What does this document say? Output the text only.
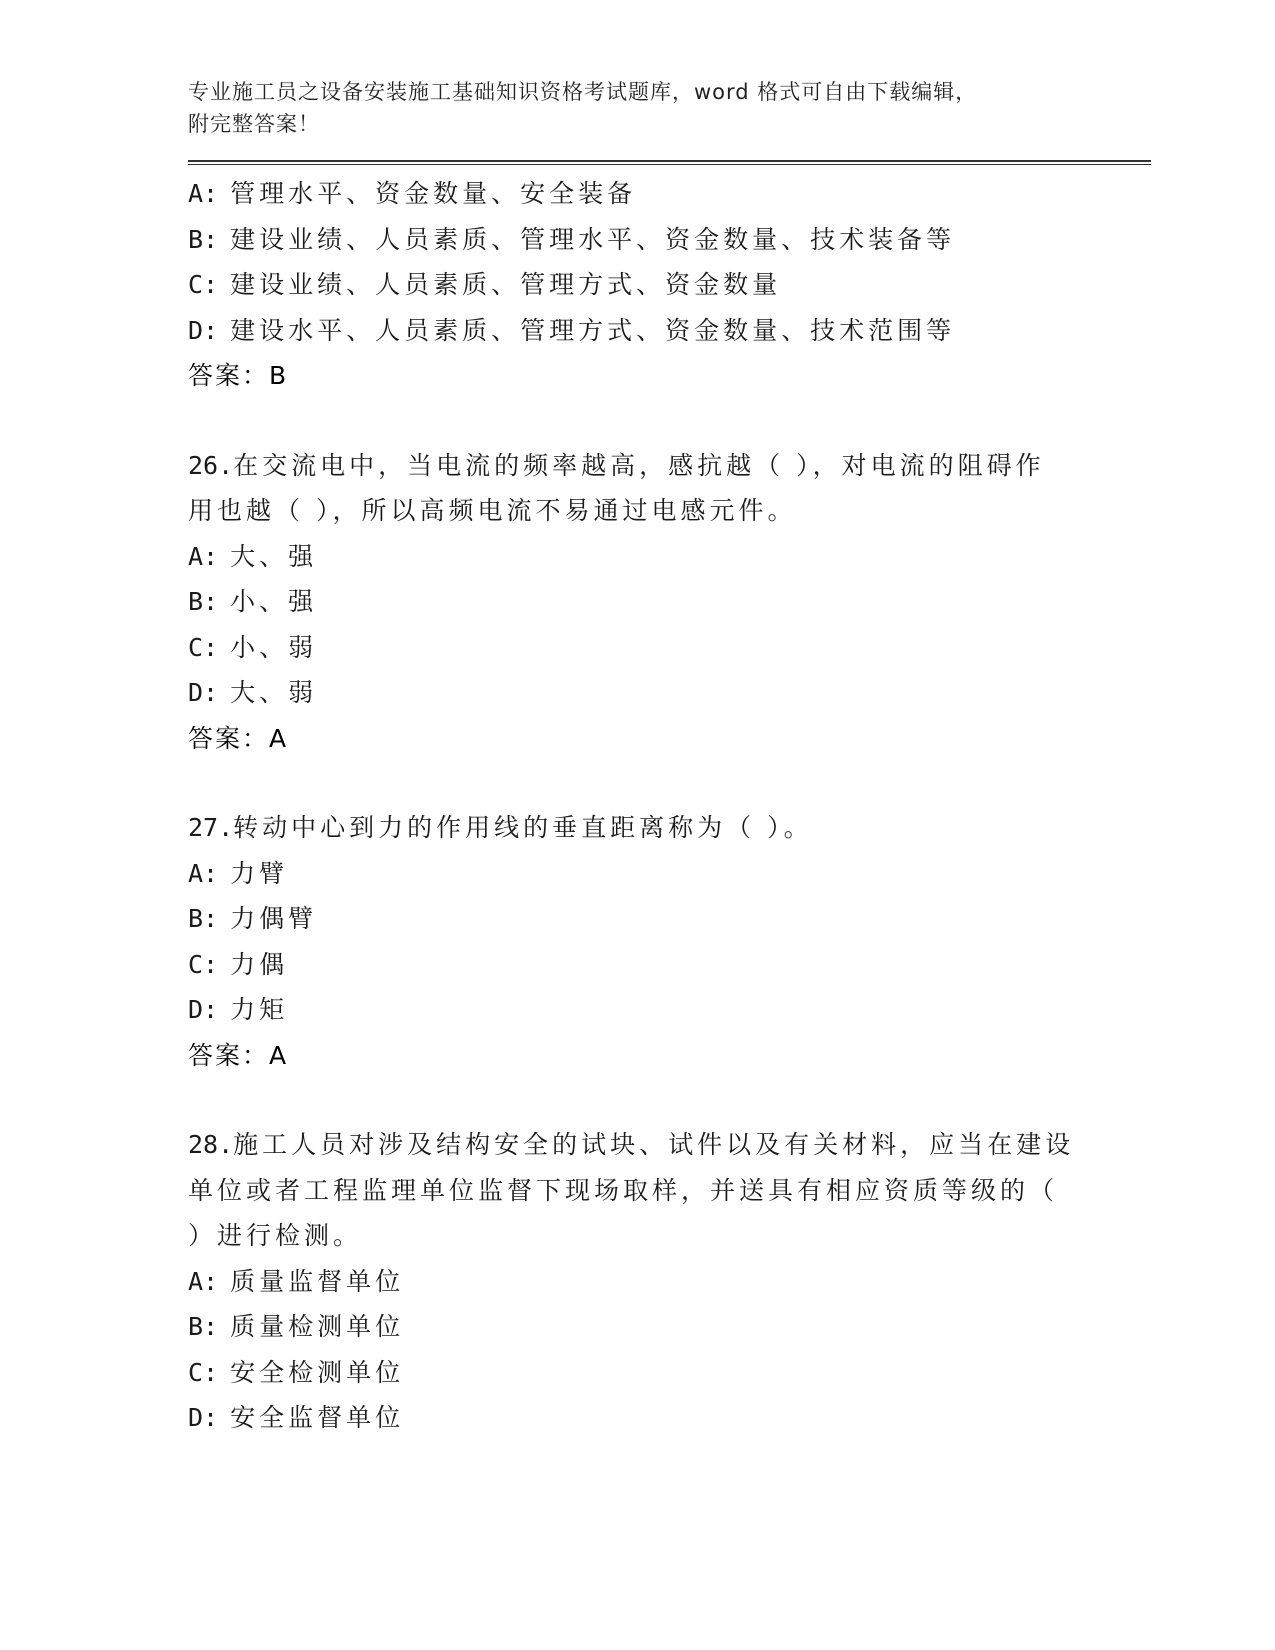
专业施工员之设备安装施工基础知识资格考试题库，word 格式可自由下载编辑，
附完整答案！
A: 管理水平、资金数量、安全装备
B: 建设业绩、人员素质、管理水平、资金数量、技术装备等
C: 建设业绩、人员素质、管理方式、资金数量
D: 建设水平、人员素质、管理方式、资金数量、技术范围等
答案：B
26.在交流电中，当电流的频率越高，感抗越（ ），对电流的阻碍作
用也越（ ），所以高频电流不易通过电感元件。
A: 大、强
B: 小、强
C: 小、弱
D: 大、弱
答案：A
27.转动中心到力的作用线的垂直距离称为（ ）。
A: 力臂
B: 力偶臂
C: 力偶
D: 力矩
答案：A
28.施工人员对涉及结构安全的试块、试件以及有关材料，应当在建设
单位或者工程监理单位监督下现场取样，并送具有相应资质等级的（
）进行检测。
A: 质量监督单位
B: 质量检测单位
C: 安全检测单位
D: 安全监督单位
